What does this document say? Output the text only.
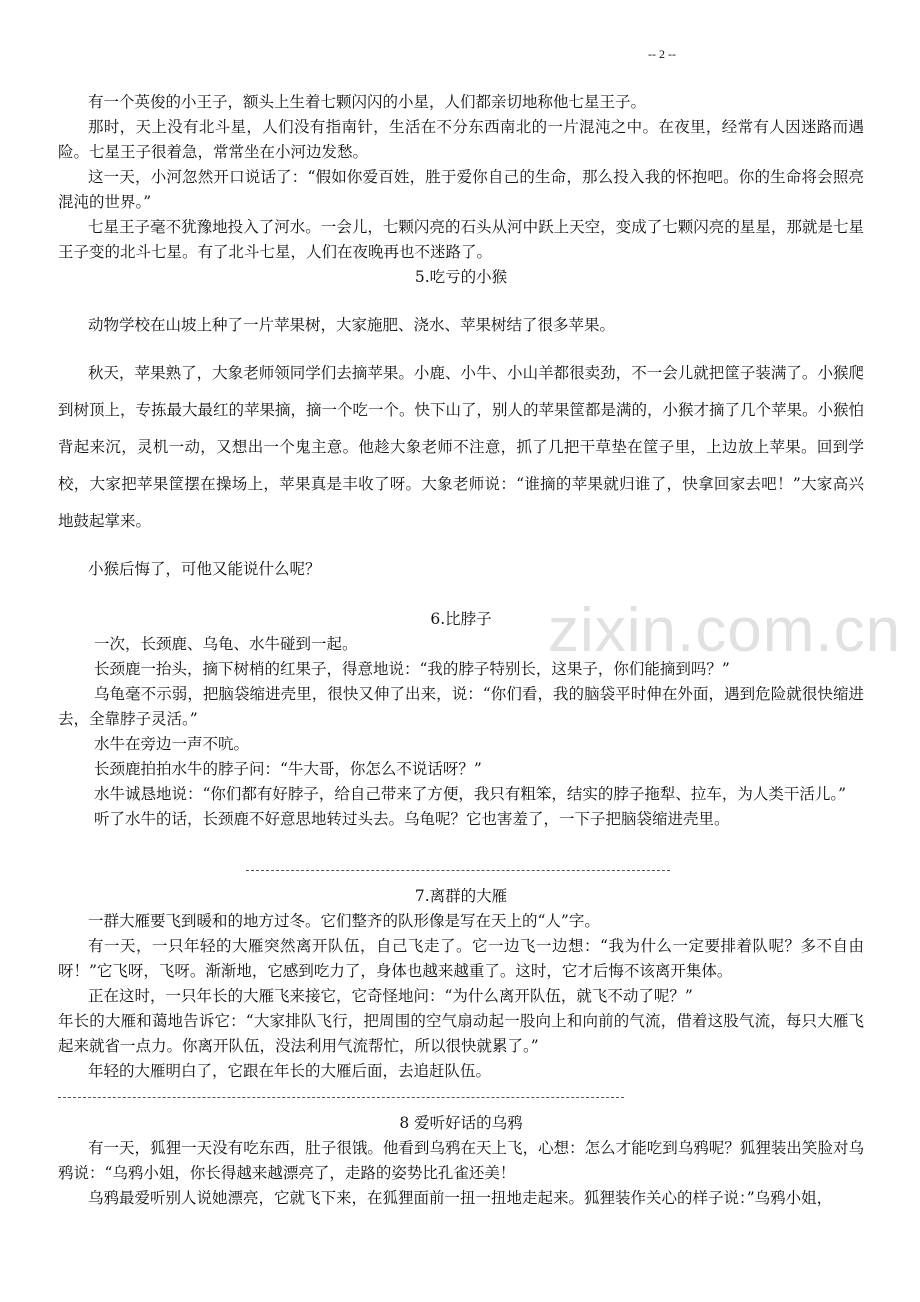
-- 2 --
zixin.com.cn

有一个英俊的小王子，额头上生着七颗闪闪的小星，人们都亲切地称他七星王子。

那时，天上没有北斗星，人们没有指南针，生活在不分东西南北的一片混沌之中。在夜里，经常有人因迷路而遇险。七星王子很着急，常常坐在小河边发愁。

这一天，小河忽然开口说话了：“假如你爱百姓，胜于爱你自己的生命，那么投入我的怀抱吧。你的生命将会照亮混沌的世界。”

七星王子毫不犹豫地投入了河水。一会儿，七颗闪亮的石头从河中跃上天空，变成了七颗闪亮的星星，那就是七星王子变的北斗七星。有了北斗七星，人们在夜晚再也不迷路了。

5.吃亏的小猴

动物学校在山坡上种了一片苹果树，大家施肥、浇水、苹果树结了很多苹果。

秋天，苹果熟了，大象老师领同学们去摘苹果。小鹿、小牛、小山羊都很卖劲，不一会儿就把筐子装满了。小猴爬到树顶上，专拣最大最红的苹果摘，摘一个吃一个。快下山了，别人的苹果筐都是满的，小猴才摘了几个苹果。小猴怕背起来沉，灵机一动，又想出一个鬼主意。他趁大象老师不注意，抓了几把干草垫在筐子里，上边放上苹果。回到学校，大家把苹果筐摆在操场上，苹果真是丰收了呀。大象老师说：“谁摘的苹果就归谁了，快拿回家去吧！”大家高兴地鼓起掌来。

小猴后悔了，可他又能说什么呢？

6.比脖子

一次，长颈鹿、乌龟、水牛碰到一起。

长颈鹿一抬头，摘下树梢的红果子，得意地说：“我的脖子特别长，这果子，你们能摘到吗？”

乌龟毫不示弱，把脑袋缩进壳里，很快又伸了出来，说：“你们看，我的脑袋平时伸在外面，遇到危险就很快缩进去，全靠脖子灵活。”

水牛在旁边一声不吭。

长颈鹿拍拍水牛的脖子问：“牛大哥，你怎么不说话呀？”

水牛诚恳地说：“你们都有好脖子，给自己带来了方便，我只有粗笨，结实的脖子拖犁、拉车，为人类干活儿。”

听了水牛的话，长颈鹿不好意思地转过头去。乌龟呢？它也害羞了，一下子把脑袋缩进壳里。

7.离群的大雁

一群大雁要飞到暖和的地方过冬。它们整齐的队形像是写在天上的“人”字。

有一天，一只年轻的大雁突然离开队伍，自己飞走了。它一边飞一边想：“我为什么一定要排着队呢？多不自由呀！”它飞呀，飞呀。渐渐地，它感到吃力了，身体也越来越重了。这时，它才后悔不该离开集体。

正在这时，一只年长的大雁飞来接它，它奇怪地问：“为什么离开队伍，就飞不动了呢？”

年长的大雁和蔼地告诉它：“大家排队飞行，把周围的空气扇动起一股向上和向前的气流，借着这股气流，每只大雁飞起来就省一点力。你离开队伍，没法利用气流帮忙，所以很快就累了。”

年轻的大雁明白了，它跟在年长的大雁后面，去追赶队伍。

8 爱听好话的乌鸦

有一天，狐狸一天没有吃东西，肚子很饿。他看到乌鸦在天上飞，心想：怎么才能吃到乌鸦呢？狐狸装出笑脸对乌鸦说：“乌鸦小姐，你长得越来越漂亮了，走路的姿势比孔雀还美！

乌鸦最爱听别人说她漂亮，它就飞下来，在狐狸面前一扭一扭地走起来。狐狸装作关心的样子说：”乌鸦小姐，
